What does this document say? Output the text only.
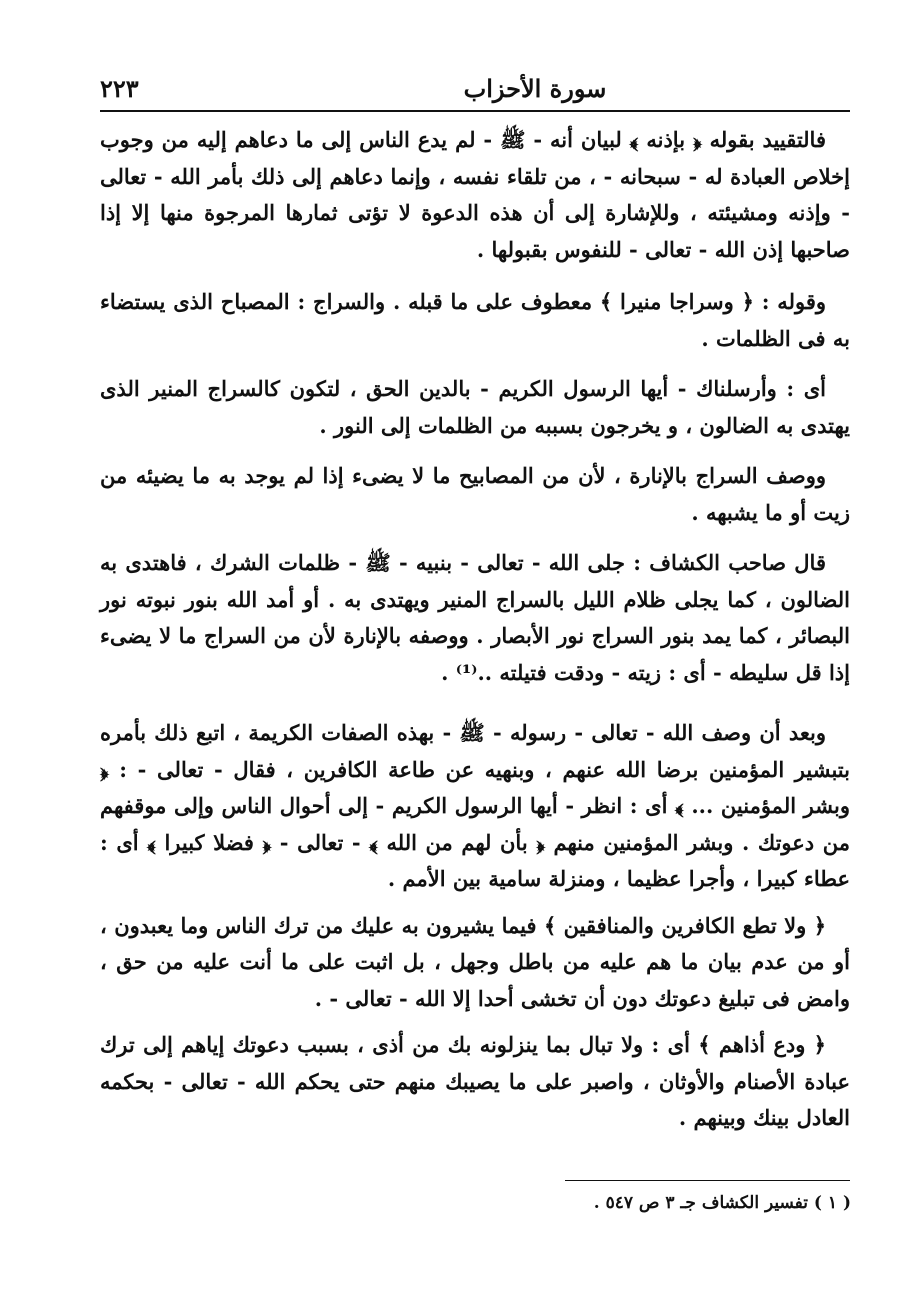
سورة الأحزاب
٢٢٣

فالتقييد بقوله ﴿ بإذنه ﴾ لبيان أنه - ﷺ - لم يدع الناس إلى ما دعاهم إليه من وجوب إخلاص العبادة له - سبحانه - ، من تلقاء نفسه ، وإنما دعاهم إلى ذلك بأمر الله - تعالى - وإذنه ومشيئته ، وللإشارة إلى أن هذه الدعوة لا تؤتى ثمارها المرجوة منها إلا إذا صاحبها إذن الله - تعالى - للنفوس بقبولها .

وقوله : ﴿ وسراجا منيرا ﴾ معطوف على ما قبله . والسراج : المصباح الذى يستضاء به فى الظلمات .

أى : وأرسلناك - أيها الرسول الكريم - بالدين الحق ، لتكون كالسراج المنير الذى يهتدى به الضالون ، و يخرجون بسببه من الظلمات إلى النور .

ووصف السراج بالإنارة ، لأن من المصابيح ما لا يضىء إذا لم يوجد به ما يضيئه من زيت أو ما يشبهه .

قال صاحب الكشاف : جلى الله - تعالى - بنبيه - ﷺ - ظلمات الشرك ، فاهتدى به الضالون ، كما يجلى ظلام الليل بالسراج المنير ويهتدى به . أو أمد الله بنور نبوته نور البصائر ، كما يمد بنور السراج نور الأبصار . ووصفه بالإنارة لأن من السراج ما لا يضىء إذا قل سليطه - أى : زيته - ودقت فتيلته ..⁽¹⁾ .

وبعد أن وصف الله - تعالى - رسوله - ﷺ - بهذه الصفات الكريمة ، اتبع ذلك بأمره بتبشير المؤمنين برضا الله عنهم ، وبنهيه عن طاعة الكافرين ، فقال - تعالى - : ﴿ وبشر المؤمنين ... ﴾ أى : انظر - أيها الرسول الكريم - إلى أحوال الناس وإلى موقفهم من دعوتك . وبشر المؤمنين منهم ﴿ بأن لهم من الله ﴾ - تعالى - ﴿ فضلا كبيرا ﴾ أى : عطاء كبيرا ، وأجرا عظيما ، ومنزلة سامية بين الأمم .

﴿ ولا تطع الكافرين والمنافقين ﴾ فيما يشيرون به عليك من ترك الناس وما يعبدون ، أو من عدم بيان ما هم عليه من باطل وجهل ، بل اثبت على ما أنت عليه من حق ، وامض فى تبليغ دعوتك دون أن تخشى أحدا إلا الله - تعالى - .

﴿ ودع أذاهم ﴾ أى : ولا تبال بما ينزلونه بك من أذى ، بسبب دعوتك إياهم إلى ترك عبادة الأصنام والأوثان ، واصبر على ما يصيبك منهم حتى يحكم الله - تعالى - بحكمه العادل بينك وبينهم .

( ١ ) تفسير الكشاف جـ ٣ ص ٥٤٧ .
